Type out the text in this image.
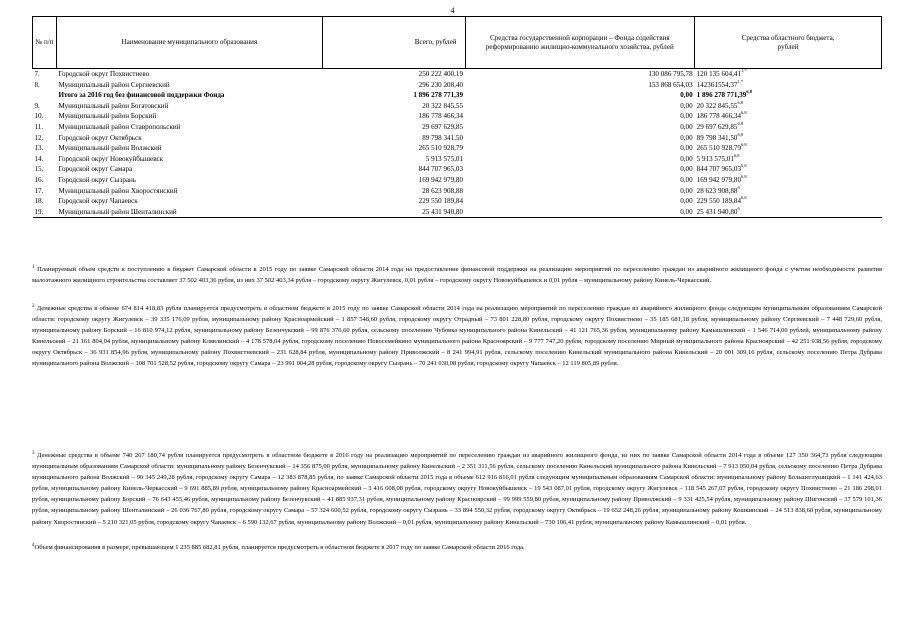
4
№ п/п	Наименование муниципального образования	Всего, рублей	Средства государственной корпорации – Фонда содействия реформированию жилищно-коммунального хозяйства, рублей	Средства областного бюджета, рублей
7.	Городской округ Похвистнево	250 222 400,19	130 086 795,78	120 135 $604,41^{1,*}$
8.	Муниципальный район Сергиевский	296 230 208,40	153 868 654,03	$142361554,37^{1,*}$
	Итого за 2016 год без финансовой поддержки Фонда	1 896 278 771,39	0,00	1 896 278 771,39$^{6,8}$
9.	Муниципальный район Богатовский	20 322 845,55	0,00	20 322 845,55$^{6,8}$
10.	Муниципальный район Борский	186 778 466,34	0,00	186 778 466,34$^{6,8}$
11.	Муниципальный район Ставропольский	29 697 629,85	0,00	29 697 629,85$^{6,8}$
12.	Городской округ Октябрьск	89 798 341,50	0,00	89 798 341,50$^{6,8}$
13.	Муниципальный район Волжский	265 510 928,79	0,00	265 510 928,79$^{6,8}$
14.	Городской округ Новокуйбышевск	5 913 575,01	0,00	5 913 575,01$^{6,8}$
15.	Городской округ Самара	844 707 965,03	0,00	844 707 965,03$^{6,8}$
16.	Городской округ Сызрань	169 942 979,80	0,00	169 942 979,80$^{6,8}$
17.	Муниципальный район Хворостянский	28 623 908,88	0,00	28 623 908,88$^6$
18.	Городской округ Чапаевск	229 550 189,84	0,00	229 550 189,84$^{6,8}$
19.	Муниципальный район Шенталинский	25 431 940,80	0,00	25 431 940,80$^6$
$^1$ Планируемый объем средств к поступлению в бюджет Самарской области в 2015 году по заявке Самарской области 2014 года на предоставление финансовой поддержки на реализацию мероприятий по переселению граждан из аварийного жилищного фонда с учетом необходимости развития малоэтажного жилищного строительства составляет 37 502 403,36 рубля, из них 37 502 403,34 рубля – городскому округу Жигулевск, 0,01 рубля – городскому округу Новокуйбышевск и 0,01 рубля – муниципальному району Кинель-Черкасский.
$^2$ Денежные средства в объеме 674 814 418,83 рубля планируется предусмотреть в областном бюджете в 2015 году по заявке Самарской области 2014 года на реализацию мероприятий по переселению граждан из аварийного жилищного фонда следующим муниципальным образованиям Самарской области: городскому округу Жигулевск – 39 335 176,09 рубля, муниципальному району Красноармейский – 1 857 548,60 рубля, городскому округу Отрадный – 73 801 228,80 рубля, городскому округу Похвистнево – 35 185 681,18 рубля, муниципальному району Сергиевский – 7 448 729,60 рубля, муниципальному району Борский – 16 810 974,12 рубля, муниципальному району Безенчукский – 99 876 376,60 рубля, сельскому поселению Чубовка муниципального района Кинельский – 41 121 765,36 рубля, муниципальному району Камышлинский – 1 546 714,00 рублей, муниципальному району Кинельский – 21 161 804,04 рубля, муниципальному району Клявлинский – 4 178 578,04 рубля, городскому поселению Новосемейкино муниципального района Красноярский – 9 777 747,20 рубля, городскому поселению Мирный муниципального района Красноярский – 42 251 938,56 рубля, городскому округу Октябрьск – 36 931 854,96 рубля, муниципальному району Похвистневский – 231 628,84 рубля, муниципальному району Приволжский – 8 241 994,91 рубля, сельскому поселению Кинельский муниципального района Кинельский – 20 001 309,16 рубля, сельскому поселению Петра Дубрава муниципального района Волжский – 108 701 528,52 рубля, городскому округу Самара – 23 991 004,28 рубля, городскому округу Сызрань – 70 241 030,08 рубля, городскому округу Чапаевск – 12 119 805,89 рубля.
$^3$ Денежные средства в объеме 740 267 180,74 рубля планируется предусмотреть в областном бюджете в 2016 году на реализацию мероприятий по переселению граждан из аварийного жилищного фонда, из них по заявке Самарской области 2014 года в объеме 127 350 364,73 рубля следующим муниципальным образованиям Самарской области: муниципальному району Безенчукский – 14 356 875,00 рубля, муниципальному району Кинельский – 2 351 311,56 рубля, сельскому поселению Кинельский муниципального района Кинельский – 7 913 050,04 рубля, сельскому поселению Петра Дубрава муниципального района Волжский – 90 345 249,28 рубля, городскому округу Самара – 12 383 878,85 рубля, по заявке Самарской области 2015 года в объеме 612 916 816,01 рубля следующим муниципальным образованиям Самарской области: муниципальному району Большеглушицкий – 1 141 424,63 рубля, муниципальному району Кинель-Черкасский – 9 691 885,89 рубля, муниципальному району Красноармейский – 3 416 608,08 рубля, городскому округу Новокуйбышевск – 19 543 087,01 рубля, городскому округу Жигулевск – 118 545 267,07 рубля, городскому округу Похвистнево – 21 186 298,01 рубля, муниципальному району Борский – 76 643 455,46 рубля, муниципальному району Безенчукский – 41 885 937,31 рубля, муниципальному району Красноярский – 99 999 559,80 рубля, муниципальному району Приволжский – 9 331 425,54 рубля, муниципальному району Шигонский – 37 579 101,36 рубля, муниципальному району Шенталинский – 26 036 767,80 рубля, городскому округу Самара – 57 324 600,52 рубля, городскому округу Сызрань – 33 894 550,32 рубля, городскому округу Октябрьск – 19 652 248,26 рубля, муниципальному району Кошкинский – 24 513 838,60 рубля, муниципальному району Хворостянский – 5 210 321,05 рубля, городскому округу Чапаевск – 6 590 132,67 рубля, муниципальному району Волжский – 0,01 рубля, муниципальному району Кинельский – 730 106,41 рубля, муниципальному району Камышлинский – 0,01 рубля.
$^4$Объем финансирования в размере, превышающем 1 235 885 682,81 рубля, планируется предусмотреть в областном бюджете в 2017 году по заявке Самарской области 2016 года.
